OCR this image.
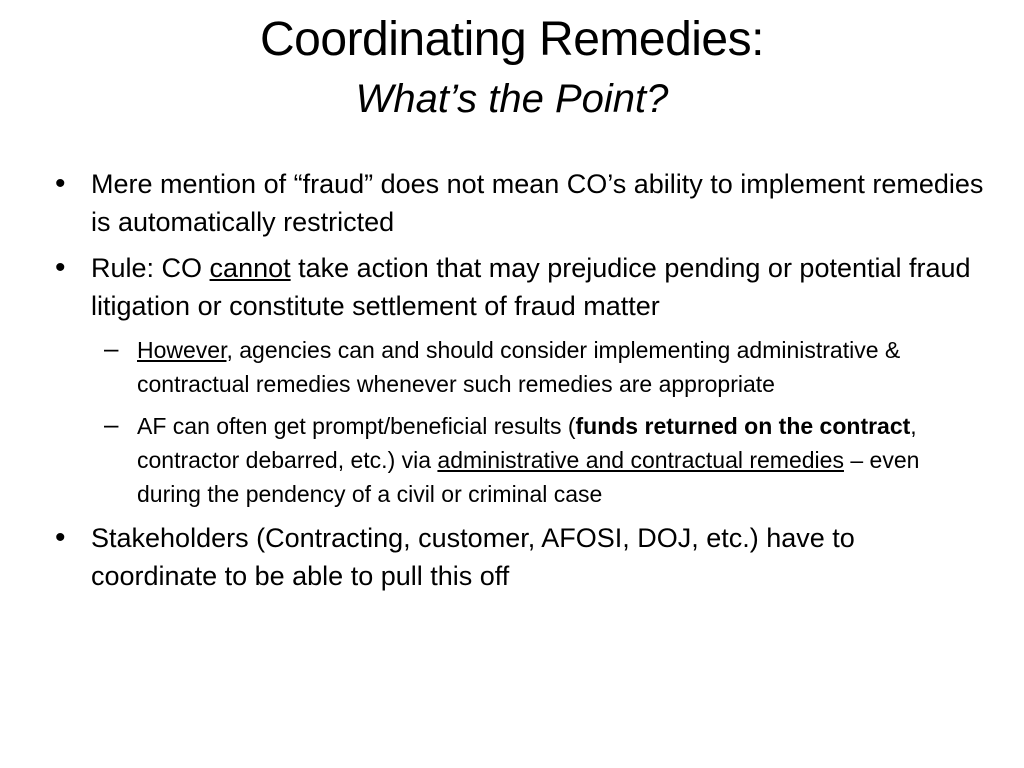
Coordinating Remedies:
What’s the Point?
• Mere mention of “fraud” does not mean CO’s ability to implement remedies is automatically restricted
• Rule: CO cannot take action that may prejudice pending or potential fraud litigation or constitute settlement of fraud matter
– However, agencies can and should consider implementing administrative & contractual remedies whenever such remedies are appropriate
– AF can often get prompt/beneficial results (funds returned on the contract, contractor debarred, etc.) via administrative and contractual remedies – even during the pendency of a civil or criminal case
• Stakeholders (Contracting, customer, AFOSI, DOJ, etc.) have to coordinate to be able to pull this off
